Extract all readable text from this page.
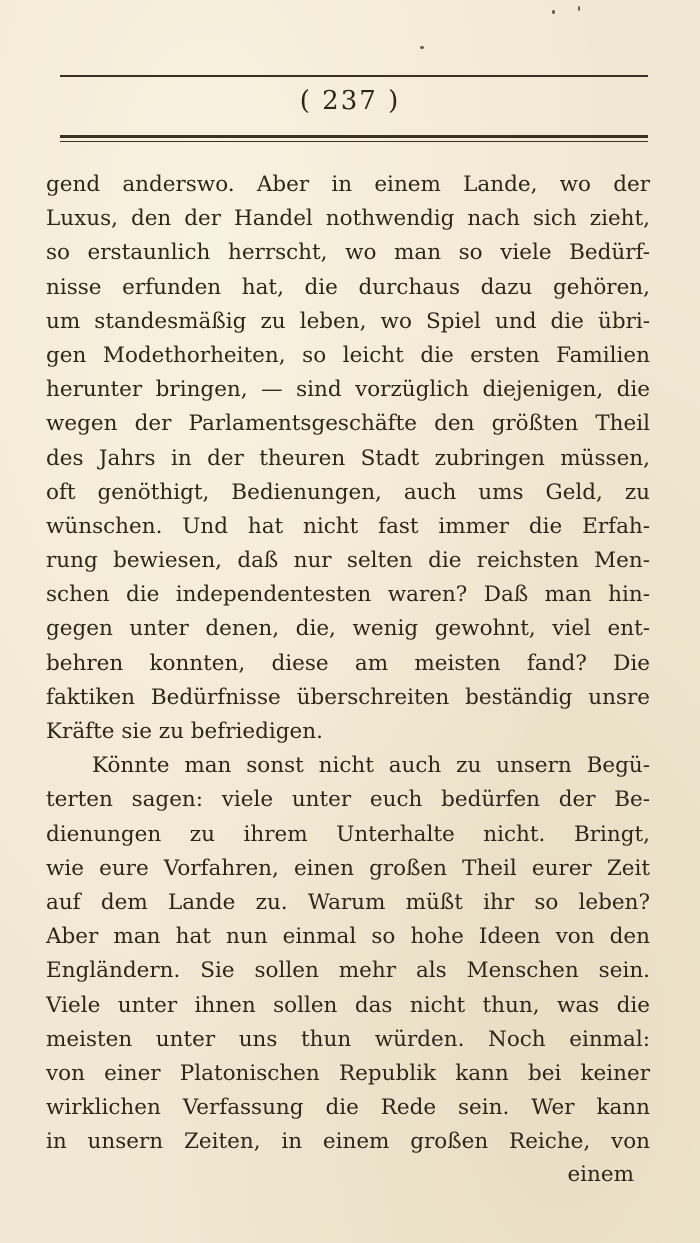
( 237 )
gend anderswo. Aber in einem Lande, wo der
Luxus, den der Handel nothwendig nach sich zieht,
so erstaunlich herrscht, wo man so viele Bedürf-
nisse erfunden hat, die durchaus dazu gehören,
um standesmäßig zu leben, wo Spiel und die übri-
gen Modethorheiten, so leicht die ersten Familien
herunter bringen, — sind vorzüglich diejenigen, die
wegen der Parlamentsgeschäfte den größten Theil
des Jahrs in der theuren Stadt zubringen müssen,
oft genöthigt, Bedienungen, auch ums Geld, zu
wünschen. Und hat nicht fast immer die Erfah-
rung bewiesen, daß nur selten die reichsten Men-
schen die independentesten waren? Daß man hin-
gegen unter denen, die, wenig gewohnt, viel ent-
behren konnten, diese am meisten fand? Die
faktiken Bedürfnisse überschreiten beständig unsre
Kräfte sie zu befriedigen.
Könnte man sonst nicht auch zu unsern Begü-
terten sagen: viele unter euch bedürfen der Be-
dienungen zu ihrem Unterhalte nicht. Bringt,
wie eure Vorfahren, einen großen Theil eurer Zeit
auf dem Lande zu. Warum müßt ihr so leben?
Aber man hat nun einmal so hohe Ideen von den
Engländern. Sie sollen mehr als Menschen sein.
Viele unter ihnen sollen das nicht thun, was die
meisten unter uns thun würden. Noch einmal:
von einer Platonischen Republik kann bei keiner
wirklichen Verfassung die Rede sein. Wer kann
in unsern Zeiten, in einem großen Reiche, von
einem
